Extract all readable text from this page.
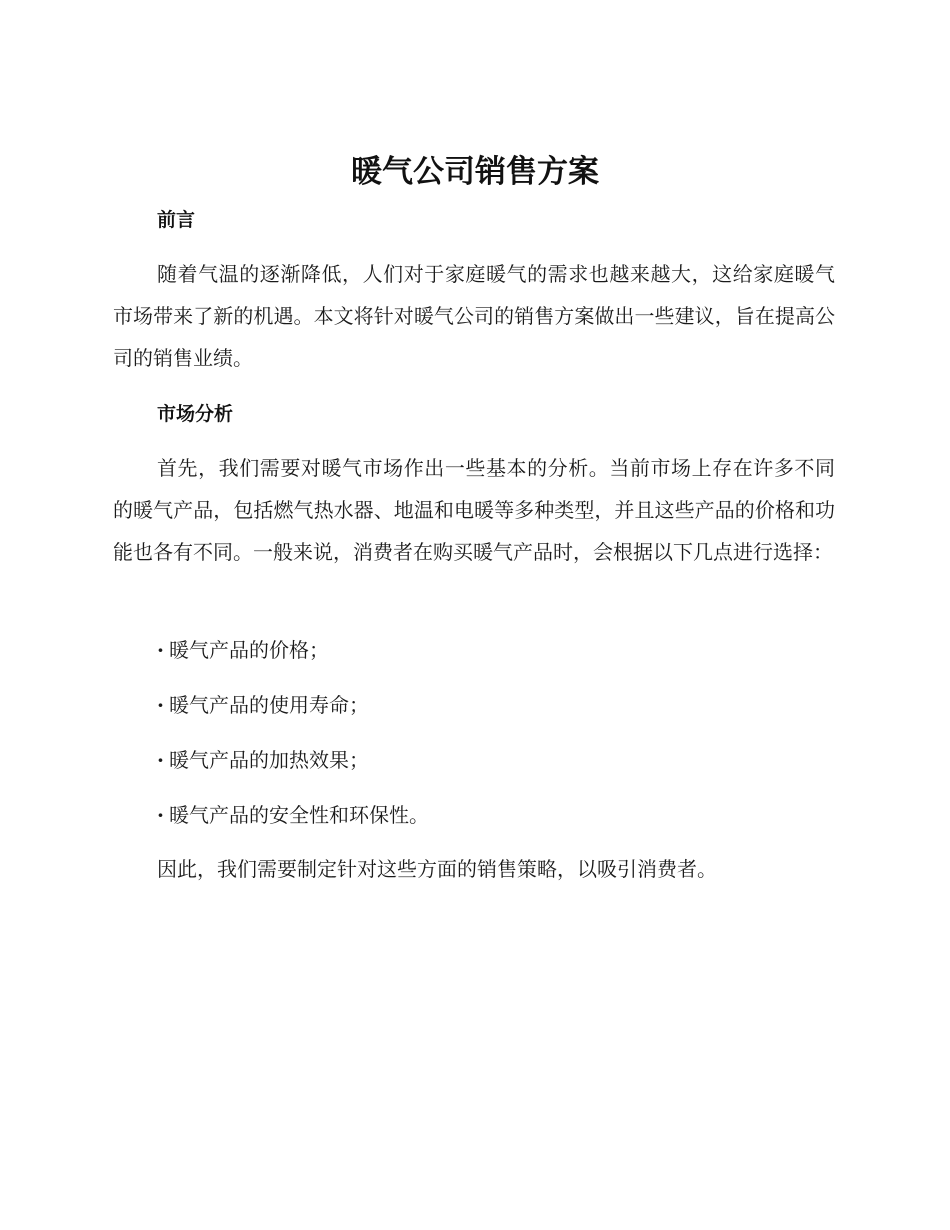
暖气公司销售方案
前言

随着气温的逐渐降低，人们对于家庭暖气的需求也越来越大，这给家庭暖气市场带来了新的机遇。本文将针对暖气公司的销售方案做出一些建议，旨在提高公司的销售业绩。

市场分析

首先，我们需要对暖气市场作出一些基本的分析。当前市场上存在许多不同的暖气产品，包括燃气热水器、地温和电暖等多种类型，并且这些产品的价格和功能也各有不同。一般来说，消费者在购买暖气产品时，会根据以下几点进行选择：

· 暖气产品的价格；

· 暖气产品的使用寿命；

· 暖气产品的加热效果；

· 暖气产品的安全性和环保性。

因此，我们需要制定针对这些方面的销售策略，以吸引消费者。
